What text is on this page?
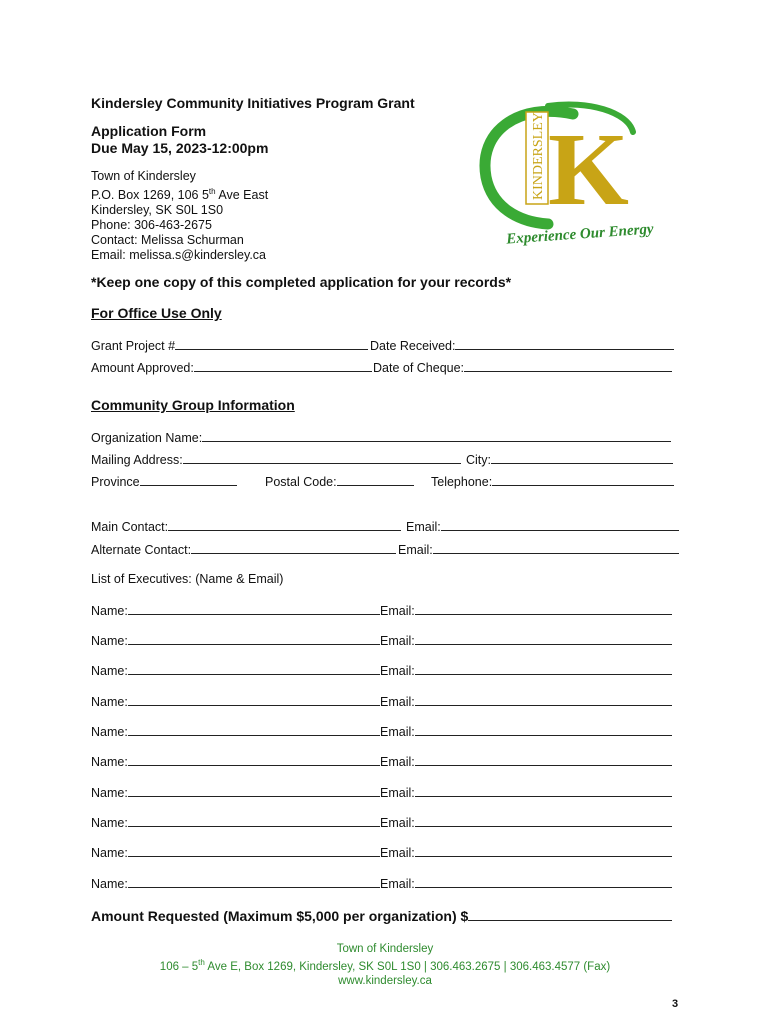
Kindersley Community Initiatives Program Grant
Application Form
Due May 15, 2023-12:00pm
Town of Kindersley
P.O. Box 1269, 106 5th Ave East
Kindersley, SK S0L 1S0
Phone: 306-463-2675
Contact: Melissa Schurman
Email: melissa.s@kindersley.ca
KINDERSLEY K
Experience Our Energy
*Keep one copy of this completed application for your records*
For Office Use Only
Grant Project #	Date Received:
Amount Approved:	Date of Cheque:
Community Group Information
Organization Name:
Mailing Address:	City:
Province	Postal Code:	Telephone:
Main Contact:	Email:
Alternate Contact:	Email:
List of Executives: (Name & Email)
Name:	Email:
Name:	Email:
Name:	Email:
Name:	Email:
Name:	Email:
Name:	Email:
Name:	Email:
Name:	Email:
Name:	Email:
Name:	Email:
Amount Requested (Maximum $5,000 per organization) $
Town of Kindersley
106 – 5th Ave E, Box 1269, Kindersley, SK S0L 1S0 | 306.463.2675 | 306.463.4577 (Fax)
www.kindersley.ca
3
